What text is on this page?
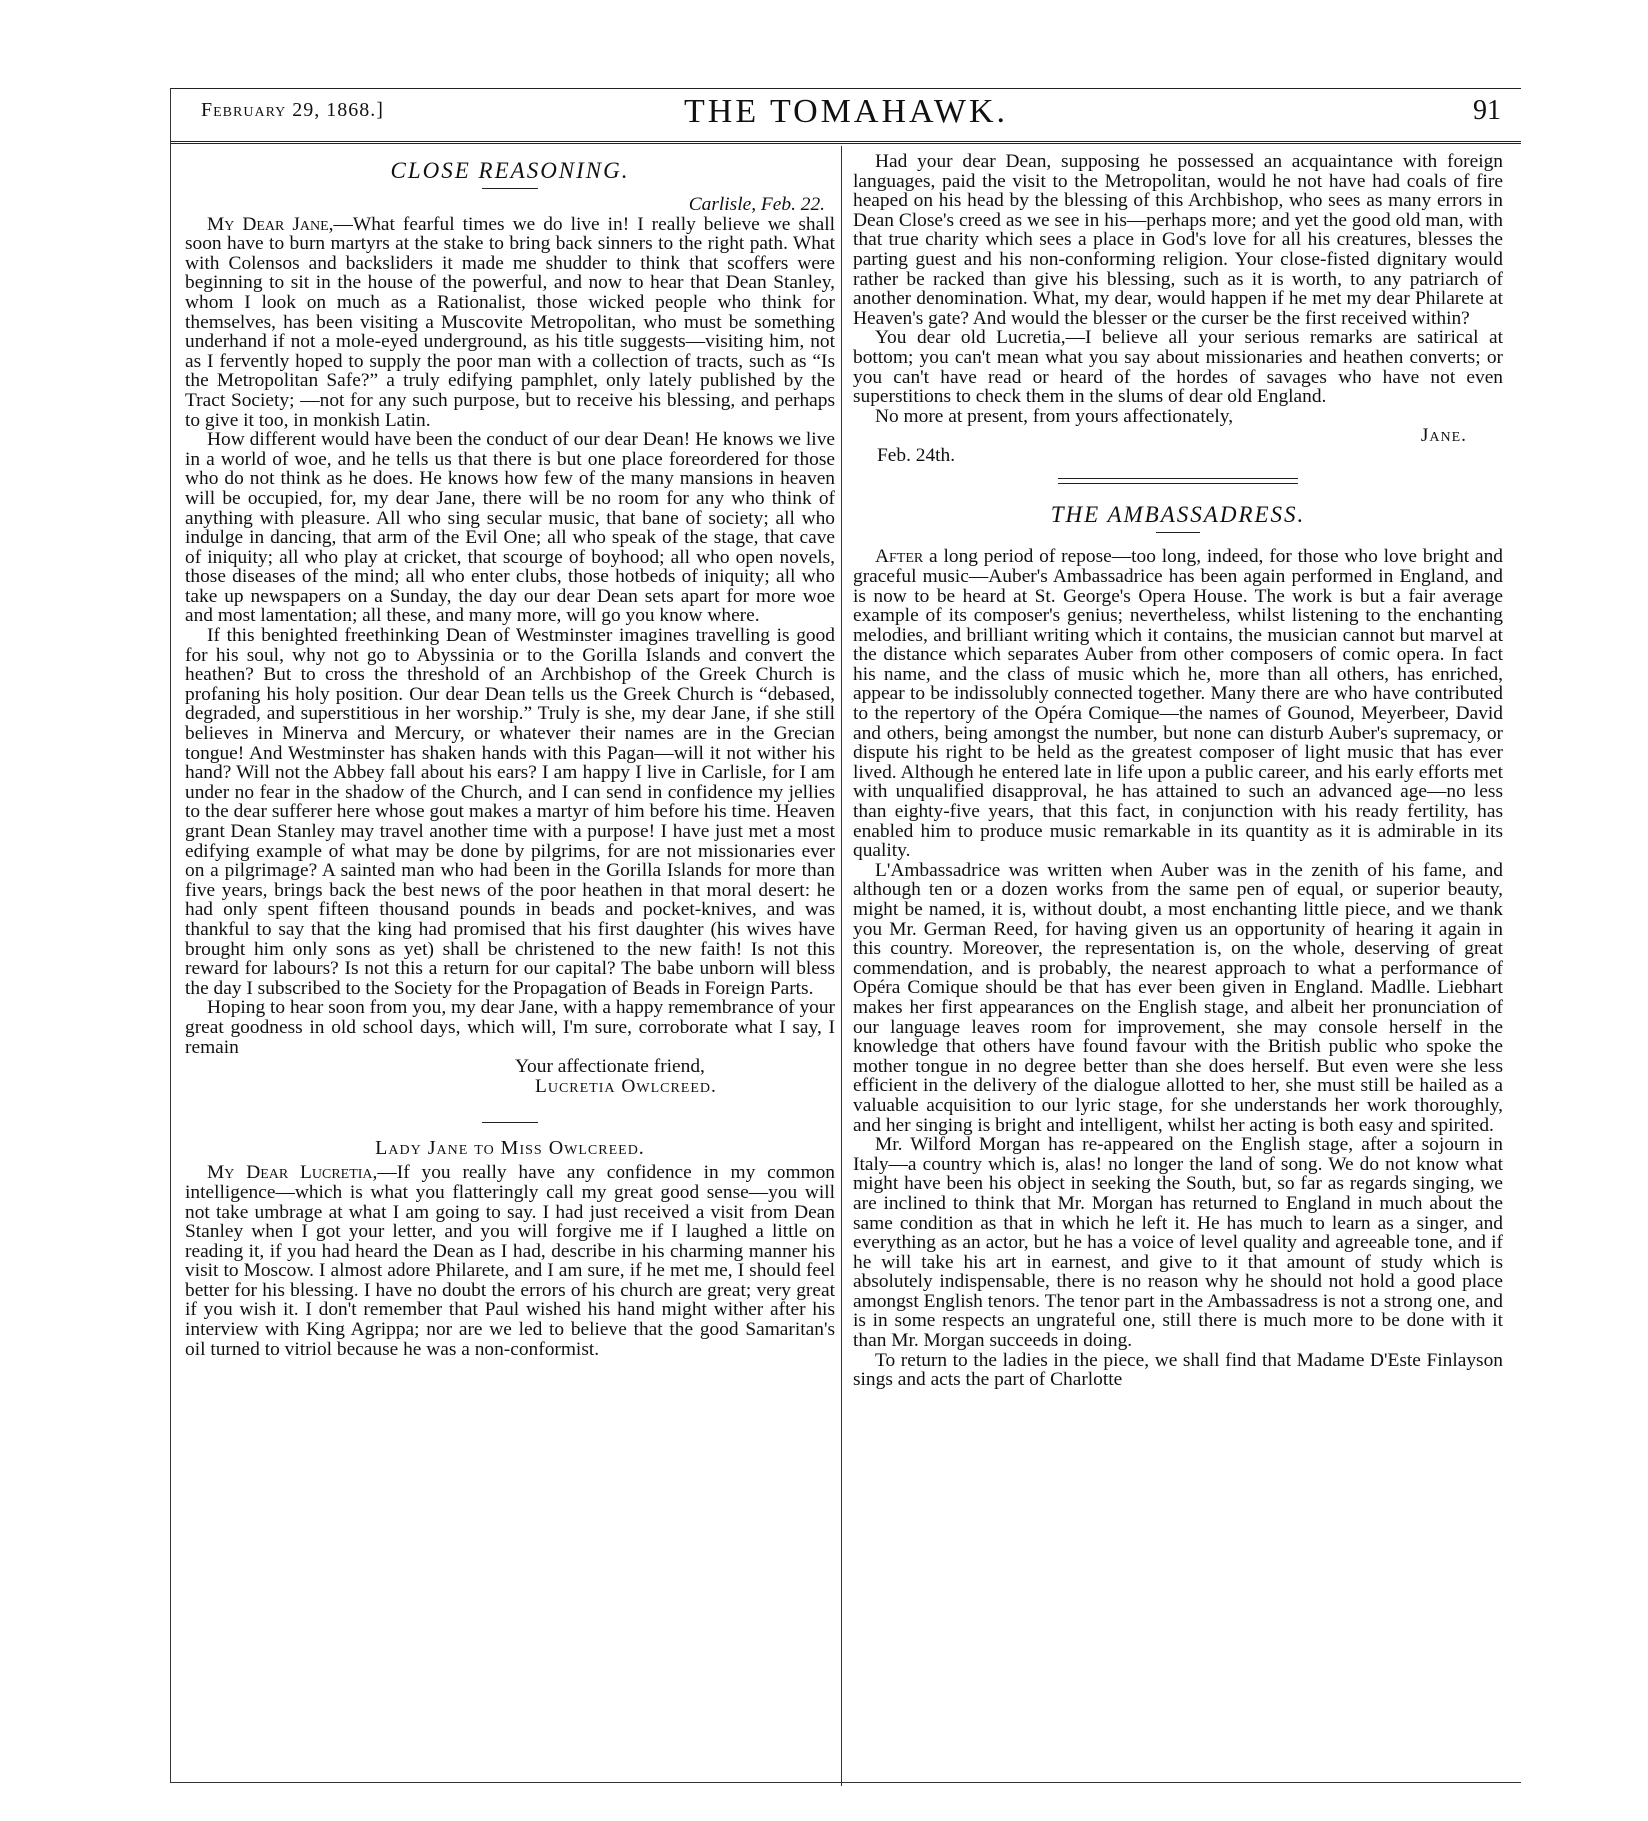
February 29, 1868.]	THE TOMAHAWK.	91
CLOSE REASONING.
Carlisle, Feb. 22.

My Dear Jane,—What fearful times we do live in! I really believe we shall soon have to burn martyrs at the stake to bring back sinners to the right path. What with Colensos and backsliders it made me shudder to think that scoffers were beginning to sit in the house of the powerful, and now to hear that Dean Stanley, whom I look on much as a Rationalist, those wicked people who think for themselves, has been visiting a Muscovite Metropolitan, who must be something underhand if not a mole-eyed underground, as his title suggests—visiting him, not as I fervently hoped to supply the poor man with a collection of tracts, such as “Is the Metropolitan Safe?” a truly edifying pamphlet, only lately published by the Tract Society; —not for any such purpose, but to receive his blessing, and perhaps to give it too, in monkish Latin.

How different would have been the conduct of our dear Dean! He knows we live in a world of woe, and he tells us that there is but one place foreordered for those who do not think as he does. He knows how few of the many mansions in heaven will be occupied, for, my dear Jane, there will be no room for any who think of anything with pleasure. All who sing secular music, that bane of society; all who indulge in dancing, that arm of the Evil One; all who speak of the stage, that cave of iniquity; all who play at cricket, that scourge of boyhood; all who open novels, those diseases of the mind; all who enter clubs, those hotbeds of iniquity; all who take up newspapers on a Sunday, the day our dear Dean sets apart for more woe and most lamentation; all these, and many more, will go you know where.

If this benighted freethinking Dean of Westminster imagines travelling is good for his soul, why not go to Abyssinia or to the Gorilla Islands and convert the heathen? But to cross the threshold of an Archbishop of the Greek Church is profaning his holy position. Our dear Dean tells us the Greek Church is “debased, degraded, and superstitious in her worship.” Truly is she, my dear Jane, if she still believes in Minerva and Mercury, or whatever their names are in the Grecian tongue! And Westminster has shaken hands with this Pagan—will it not wither his hand? Will not the Abbey fall about his ears? I am happy I live in Carlisle, for I am under no fear in the shadow of the Church, and I can send in confidence my jellies to the dear sufferer here whose gout makes a martyr of him before his time. Heaven grant Dean Stanley may travel another time with a purpose! I have just met a most edifying example of what may be done by pilgrims, for are not missionaries ever on a pilgrimage? A sainted man who had been in the Gorilla Islands for more than five years, brings back the best news of the poor heathen in that moral desert: he had only spent fifteen thousand pounds in beads and pocket-knives, and was thankful to say that the king had promised that his first daughter (his wives have brought him only sons as yet) shall be christened to the new faith! Is not this reward for labours? Is not this a return for our capital? The babe unborn will bless the day I subscribed to the Society for the Propagation of Beads in Foreign Parts.

Hoping to hear soon from you, my dear Jane, with a happy remembrance of your great goodness in old school days, which will, I'm sure, corroborate what I say, I remain

Your affectionate friend,
Lucretia Owlcreed.
Lady Jane to Miss Owlcreed.

My Dear Lucretia,—If you really have any confidence in my common intelligence—which is what you flatteringly call my great good sense—you will not take umbrage at what I am going to say. I had just received a visit from Dean Stanley when I got your letter, and you will forgive me if I laughed a little on reading it, if you had heard the Dean as I had, describe in his charming manner his visit to Moscow. I almost adore Philarete, and I am sure, if he met me, I should feel better for his blessing. I have no doubt the errors of his church are great; very great if you wish it. I don't remember that Paul wished his hand might wither after his interview with King Agrippa; nor are we led to believe that the good Samaritan's oil turned to vitriol because he was a non-conformist.

Had your dear Dean, supposing he possessed an acquaintance with foreign languages, paid the visit to the Metropolitan, would he not have had coals of fire heaped on his head by the blessing of this Archbishop, who sees as many errors in Dean Close's creed as we see in his—perhaps more; and yet the good old man, with that true charity which sees a place in God's love for all his creatures, blesses the parting guest and his non-conforming religion. Your close-fisted dignitary would rather be racked than give his blessing, such as it is worth, to any patriarch of another denomination. What, my dear, would happen if he met my dear Philarete at Heaven's gate? And would the blesser or the curser be the first received within?

You dear old Lucretia,—I believe all your serious remarks are satirical at bottom; you can't mean what you say about missionaries and heathen converts; or you can't have read or heard of the hordes of savages who have not even superstitions to check them in the slums of dear old England.

No more at present, from yours affectionately,

Jane.
Feb. 24th.
THE AMBASSADRESS.

After a long period of repose—too long, indeed, for those who love bright and graceful music—Auber's Ambassadrice has been again performed in England, and is now to be heard at St. George's Opera House. The work is but a fair average example of its composer's genius; nevertheless, whilst listening to the enchanting melodies, and brilliant writing which it contains, the musician cannot but marvel at the distance which separates Auber from other composers of comic opera. In fact his name, and the class of music which he, more than all others, has enriched, appear to be indissolubly connected together. Many there are who have contributed to the repertory of the Opéra Comique—the names of Gounod, Meyerbeer, David and others, being amongst the number, but none can disturb Auber's supremacy, or dispute his right to be held as the greatest composer of light music that has ever lived. Although he entered late in life upon a public career, and his early efforts met with unqualified disapproval, he has attained to such an advanced age—no less than eighty-five years, that this fact, in conjunction with his ready fertility, has enabled him to produce music remarkable in its quantity as it is admirable in its quality.

L'Ambassadrice was written when Auber was in the zenith of his fame, and although ten or a dozen works from the same pen of equal, or superior beauty, might be named, it is, without doubt, a most enchanting little piece, and we thank you Mr. German Reed, for having given us an opportunity of hearing it again in this country. Moreover, the representation is, on the whole, deserving of great commendation, and is probably, the nearest approach to what a performance of Opéra Comique should be that has ever been given in England. Madlle. Liebhart makes her first appearances on the English stage, and albeit her pronunciation of our language leaves room for improvement, she may console herself in the knowledge that others have found favour with the British public who spoke the mother tongue in no degree better than she does herself. But even were she less efficient in the delivery of the dialogue allotted to her, she must still be hailed as a valuable acquisition to our lyric stage, for she understands her work thoroughly, and her singing is bright and intelligent, whilst her acting is both easy and spirited.

Mr. Wilford Morgan has re-appeared on the English stage, after a sojourn in Italy—a country which is, alas! no longer the land of song. We do not know what might have been his object in seeking the South, but, so far as regards singing, we are inclined to think that Mr. Morgan has returned to England in much about the same condition as that in which he left it. He has much to learn as a singer, and everything as an actor, but he has a voice of level quality and agreeable tone, and if he will take his art in earnest, and give to it that amount of study which is absolutely indispensable, there is no reason why he should not hold a good place amongst English tenors. The tenor part in the Ambassadress is not a strong one, and is in some respects an ungrateful one, still there is much more to be done with it than Mr. Morgan succeeds in doing.

To return to the ladies in the piece, we shall find that Madame D'Este Finlayson sings and acts the part of Charlotte
